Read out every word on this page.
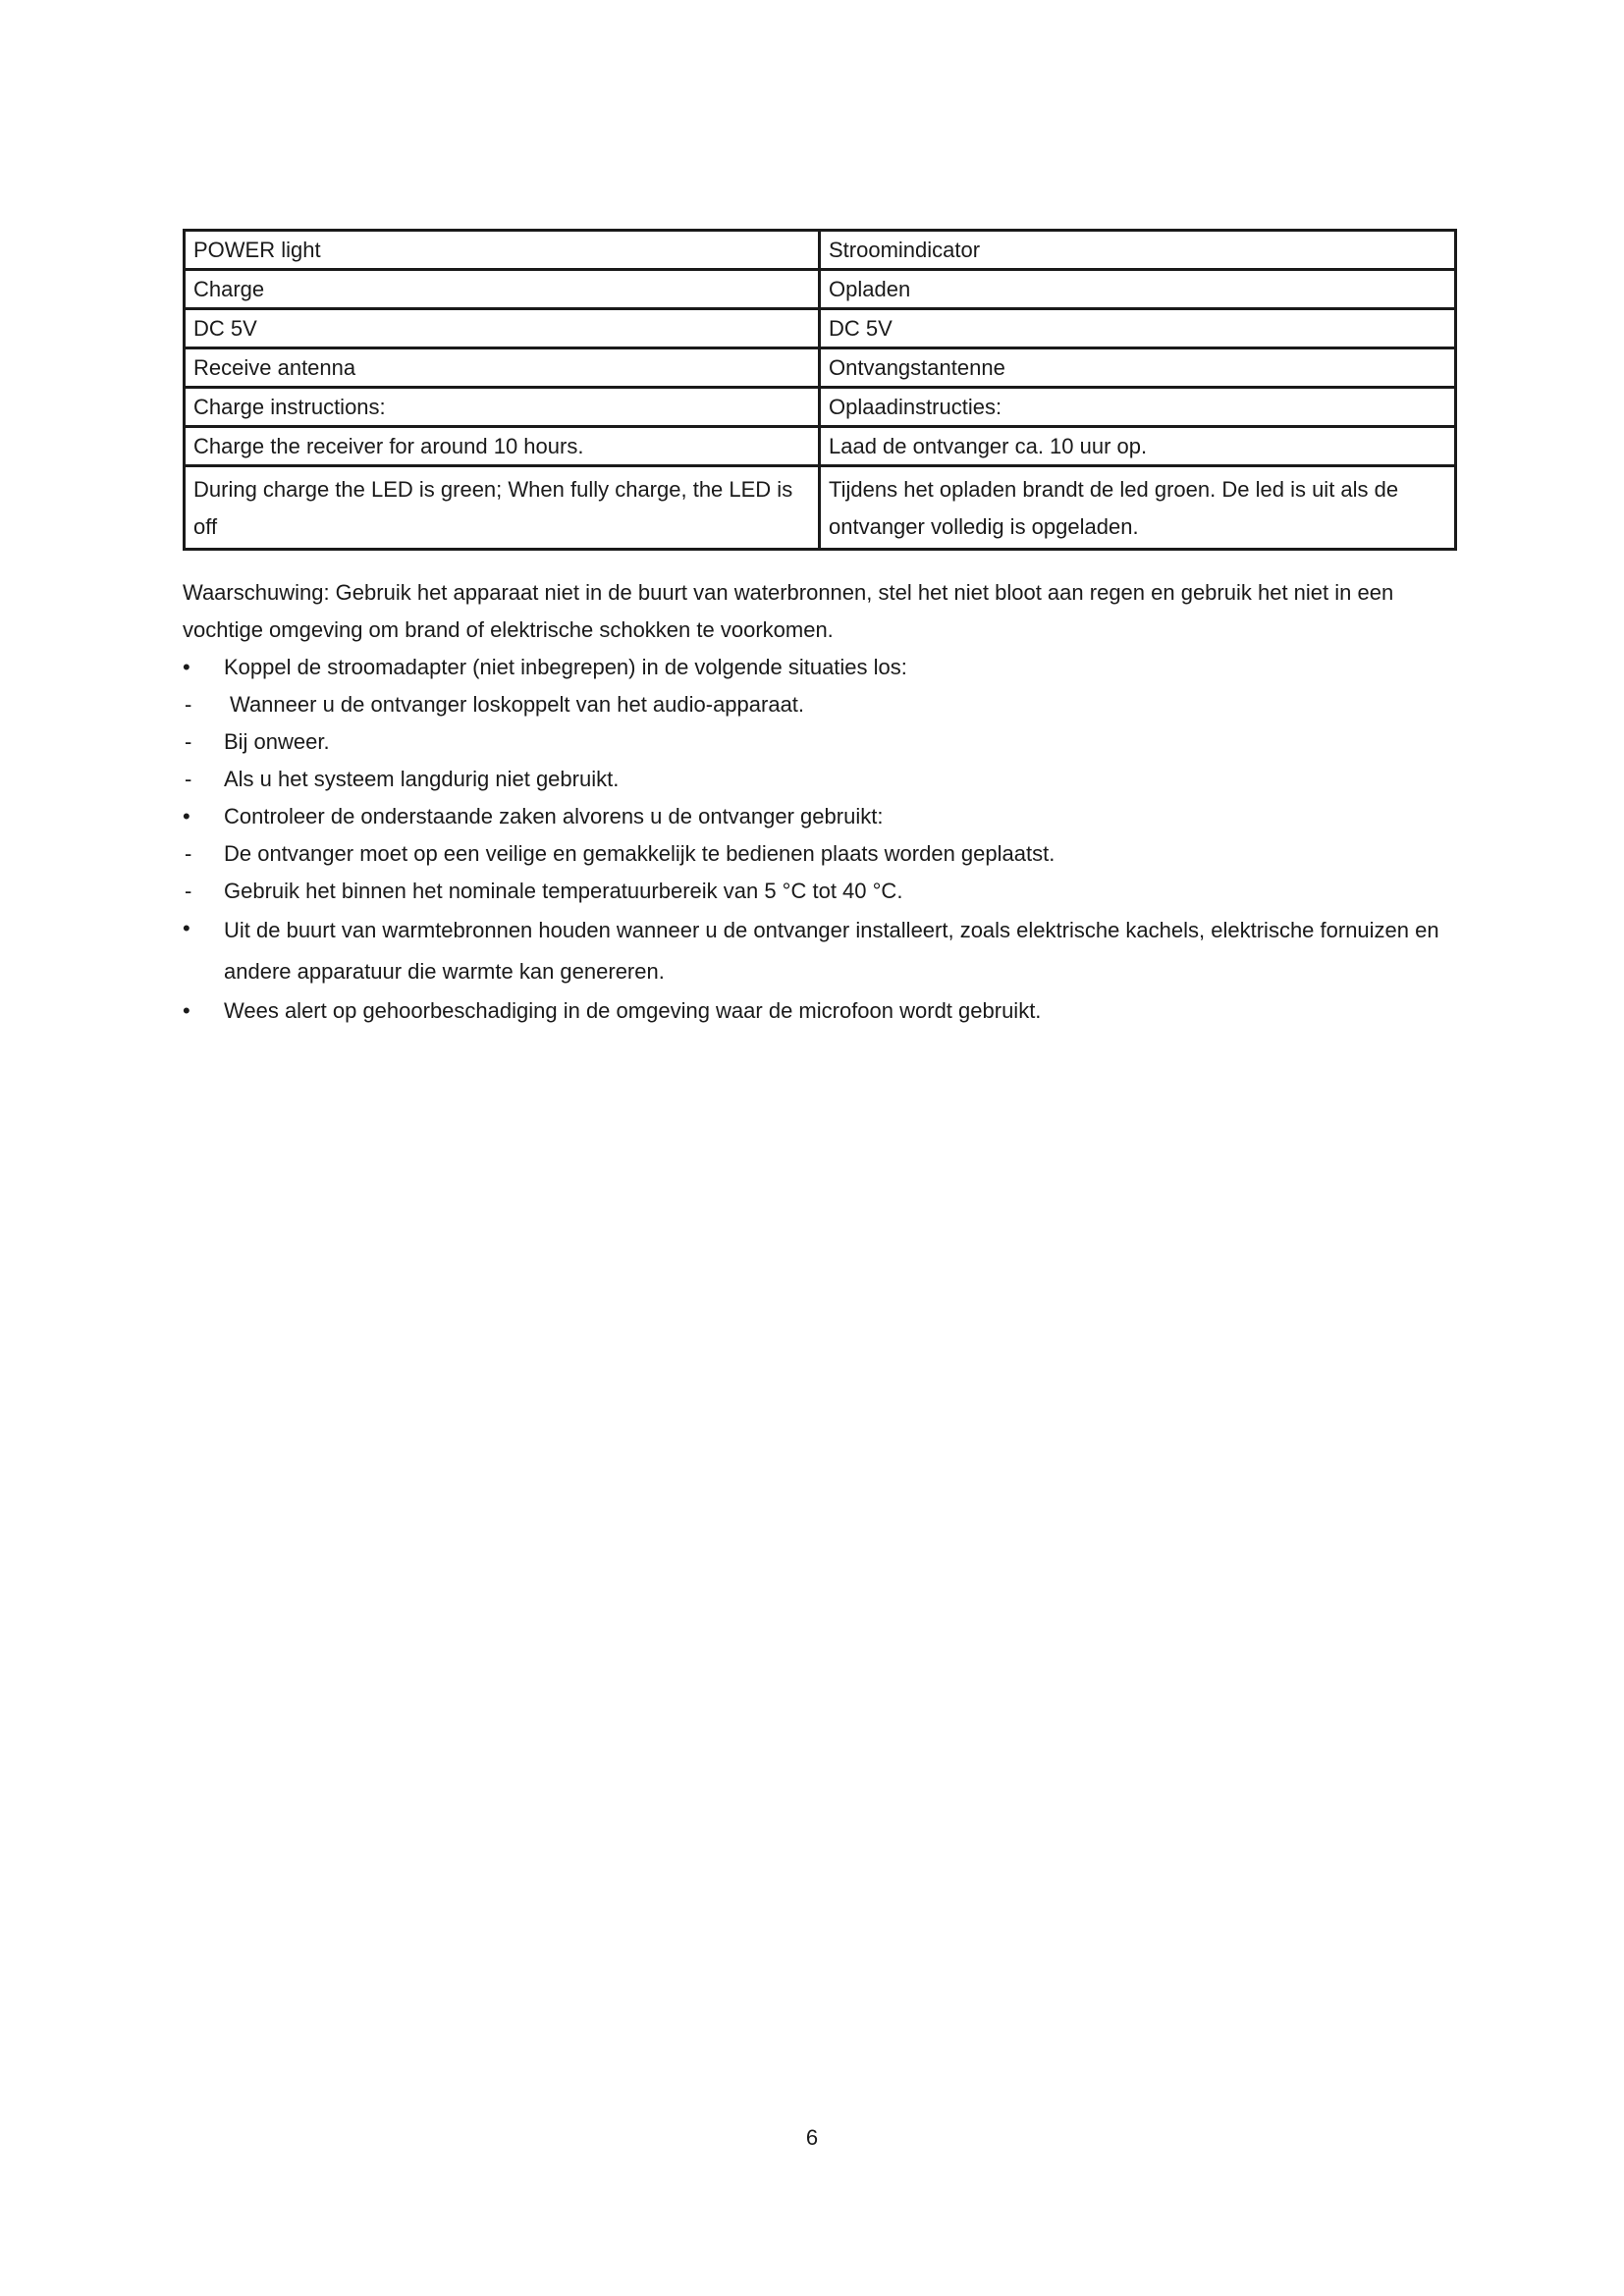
POWER light	Stroomindicator
Charge	Opladen
DC 5V	DC 5V
Receive antenna	Ontvangstantenne
Charge instructions:	Oplaadinstructies:
Charge the receiver for around 10 hours.	Laad de ontvanger ca. 10 uur op.
During charge the LED is green; When fully charge, the LED is off	Tijdens het opladen brandt de led groen. De led is uit als de ontvanger volledig is opgeladen.

Waarschuwing: Gebruik het apparaat niet in de buurt van waterbronnen, stel het niet bloot aan regen en gebruik het niet in een vochtige omgeving om brand of elektrische schokken te voorkomen.

•	Koppel de stroomadapter (niet inbegrepen) in de volgende situaties los:
-	Wanneer u de ontvanger loskoppelt van het audio-apparaat.
-	Bij onweer.
-	Als u het systeem langdurig niet gebruikt.
•	Controleer de onderstaande zaken alvorens u de ontvanger gebruikt:
-	De ontvanger moet op een veilige en gemakkelijk te bedienen plaats worden geplaatst.
-	Gebruik het binnen het nominale temperatuurbereik van 5 °C tot 40 °C.
•	Uit de buurt van warmtebronnen houden wanneer u de ontvanger installeert, zoals elektrische kachels, elektrische fornuizen en andere apparatuur die warmte kan genereren.
•	Wees alert op gehoorbeschadiging in de omgeving waar de microfoon wordt gebruikt.
6
